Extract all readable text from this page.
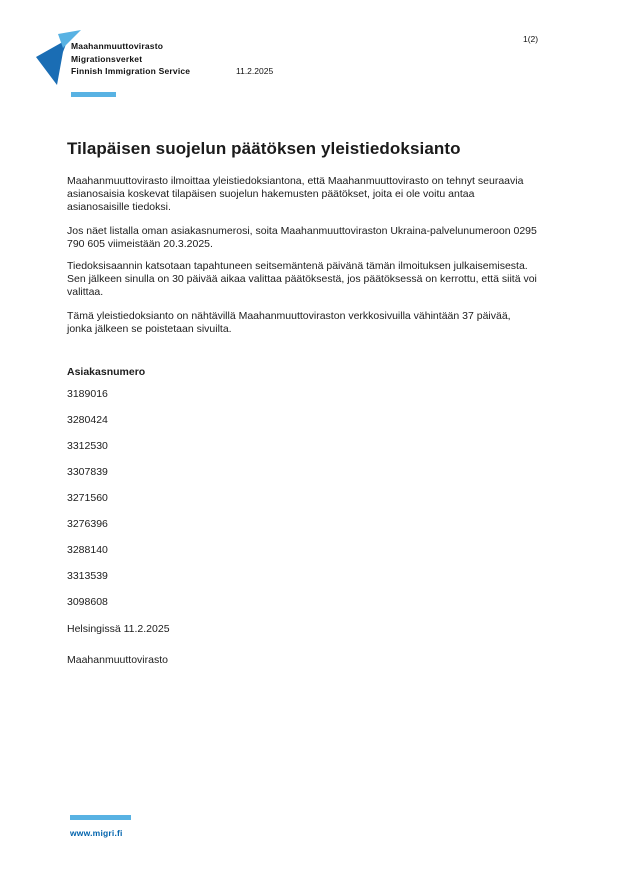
Maahanmuuttovirasto
Migrationsverket
Finnish Immigration Service	11.2.2025
1(2)
Tilapäisen suojelun päätöksen yleistiedoksianto
Maahanmuuttovirasto ilmoittaa yleistiedoksiantona, että Maahanmuuttovirasto on tehnyt seuraavia asianosaisia koskevat tilapäisen suojelun hakemusten päätökset, joita ei ole voitu antaa asianosaisille tiedoksi.
Jos näet listalla oman asiakasnumerosi, soita Maahanmuuttoviraston Ukraina-palvelunumeroon 0295 790 605 viimeistään 20.3.2025.
Tiedoksisaannin katsotaan tapahtuneen seitsemäntenä päivänä tämän ilmoituksen julkaisemisesta. Sen jälkeen sinulla on 30 päivää aikaa valittaa päätöksestä, jos päätöksessä on kerrottu, että siitä voi valittaa.
Tämä yleistiedoksianto on nähtävillä Maahanmuuttoviraston verkkosivuilla vähintään 37 päivää, jonka jälkeen se poistetaan sivuilta.
Asiakasnumero
3189016
3280424
3312530
3307839
3271560
3276396
3288140
3313539
3098608
Helsingissä 11.2.2025
Maahanmuuttovirasto
www.migri.fi
